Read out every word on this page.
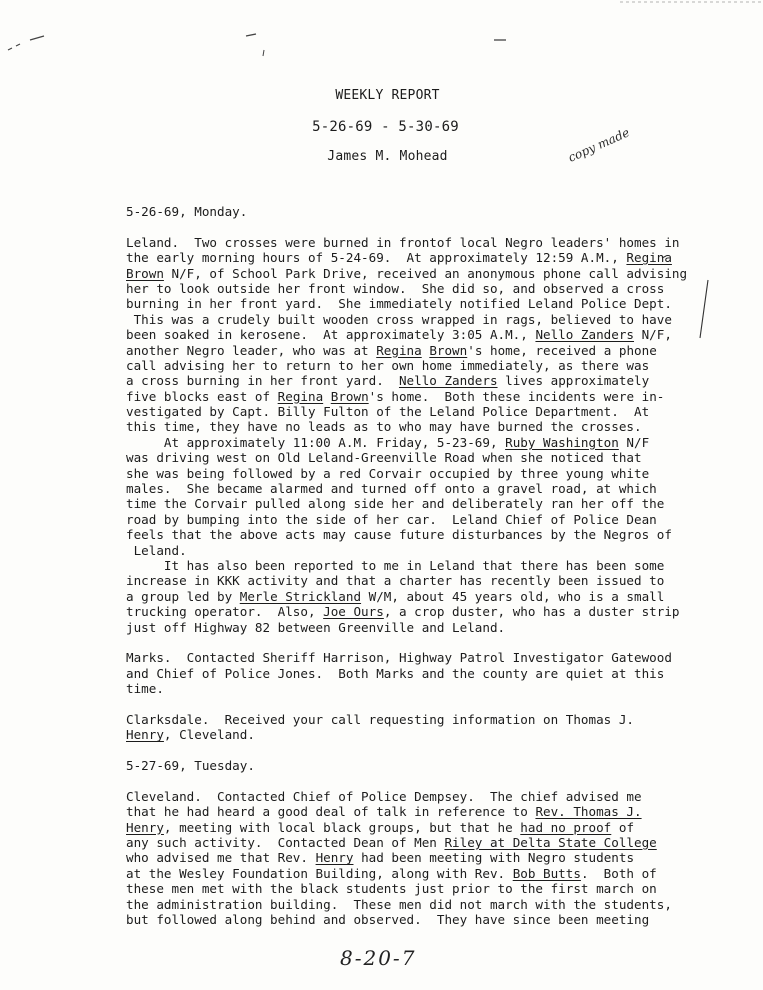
WEEKLY REPORT
5-26-69 - 5-30-69
James M. Mohead	copy made
5-26-69, Monday.
Leland.  Two crosses were burned in frontof local Negro leaders' homes in
the early morning hours of 5-24-69.  At approximately 12:59 A.M., Regina
Brown N/F, of School Park Drive, received an anonymous phone call advising
her to look outside her front window.  She did so, and observed a cross
burning in her front yard.  She immediately notified Leland Police Dept.
This was a crudely built wooden cross wrapped in rags, believed to have
been soaked in kerosene.  At approximately 3:05 A.M., Nello Zanders N/F,
another Negro leader, who was at Regina Brown's home, received a phone
call advising her to return to her own home immediately, as there was
a cross burning in her front yard.  Nello Zanders lives approximately
five blocks east of Regina Brown's home.  Both these incidents were in-
vestigated by Capt. Billy Fulton of the Leland Police Department.  At
this time, they have no leads as to who may have burned the crosses.
At approximately 11:00 A.M. Friday, 5-23-69, Ruby Washington N/F
was driving west on Old Leland-Greenville Road when she noticed that
she was being followed by a red Corvair occupied by three young white
males.  She became alarmed and turned off onto a gravel road, at which
time the Corvair pulled along side her and deliberately ran her off the
road by bumping into the side of her car.  Leland Chief of Police Dean
feels that the above acts may cause future disturbances by the Negros of
Leland.
It has also been reported to me in Leland that there has been some
increase in KKK activity and that a charter has recently been issued to
a group led by Merle Strickland W/M, about 45 years old, who is a small
trucking operator.  Also, Joe Ours, a crop duster, who has a duster strip
just off Highway 82 between Greenville and Leland.
Marks.  Contacted Sheriff Harrison, Highway Patrol Investigator Gatewood
and Chief of Police Jones.  Both Marks and the county are quiet at this
time.
Clarksdale.  Received your call requesting information on Thomas J.
Henry, Cleveland.
5-27-69, Tuesday.
Cleveland.  Contacted Chief of Police Dempsey.  The chief advised me
that he had heard a good deal of talk in reference to Rev. Thomas J.
Henry, meeting with local black groups, but that he had no proof of
any such activity.  Contacted Dean of Men Riley at Delta State College
who advised me that Rev. Henry had been meeting with Negro students
at the Wesley Foundation Building, along with Rev. Bob Butts.  Both of
these men met with the black students just prior to the first march on
the administration building.  These men did not march with the students,
but followed along behind and observed.  They have since been meeting
8-20-7
